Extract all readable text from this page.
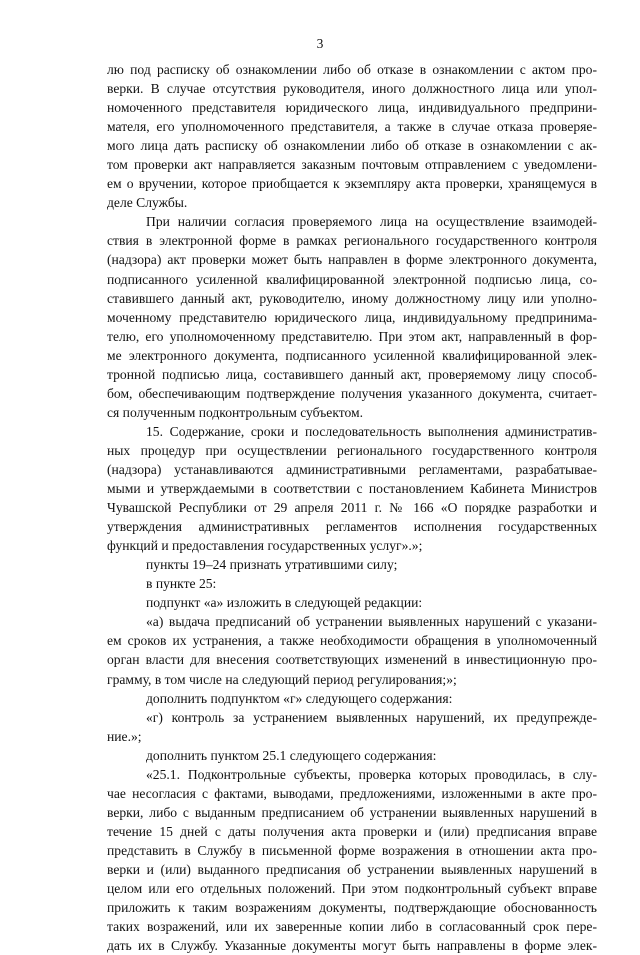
3
лю под расписку об ознакомлении либо об отказе в ознакомлении с актом про-
верки. В случае отсутствия руководителя, иного должностного лица или упол-
номоченного представителя юридического лица, индивидуального предприни-
мателя, его уполномоченного представителя, а также в случае отказа проверяе-
мого лица дать расписку об ознакомлении либо об отказе в ознакомлении с ак-
том проверки акт направляется заказным почтовым отправлением с уведомлени-
ем о вручении, которое приобщается к экземпляру акта проверки, хранящемуся в
деле Службы.
При наличии согласия проверяемого лица на осуществление взаимодей-
ствия в электронной форме в рамках регионального государственного контроля
(надзора) акт проверки может быть направлен в форме электронного документа,
подписанного усиленной квалифицированной электронной подписью лица, со-
ставившего данный акт, руководителю, иному должностному лицу или уполно-
моченному представителю юридического лица, индивидуальному предпринима-
телю, его уполномоченному представителю. При этом акт, направленный в фор-
ме электронного документа, подписанного усиленной квалифицированной элек-
тронной подписью лица, составившего данный акт, проверяемому лицу способ-
бом, обеспечивающим подтверждение получения указанного документа, считает-
ся полученным подконтрольным субъектом.
15. Содержание, сроки и последовательность выполнения административ-
ных процедур при осуществлении регионального государственного контроля
(надзора) устанавливаются административными регламентами, разрабатывае-
мыми и утверждаемыми в соответствии с постановлением Кабинета Министров
Чувашской Республики от 29 апреля 2011 г. № 166 «О порядке разработки и
утверждения административных регламентов исполнения государственных
функций и предоставления государственных услуг».»;
пункты 19–24 признать утратившими силу;
в пункте 25:
подпункт «а» изложить в следующей редакции:
«а) выдача предписаний об устранении выявленных нарушений с указани-
ем сроков их устранения, а также необходимости обращения в уполномоченный
орган власти для внесения соответствующих изменений в инвестиционную про-
грамму, в том числе на следующий период регулирования;»;
дополнить подпунктом «г» следующего содержания:
«г) контроль за устранением выявленных нарушений, их предупрежде-
ние.»;
дополнить пунктом 25.1 следующего содержания:
«25.1. Подконтрольные субъекты, проверка которых проводилась, в слу-
чае несогласия с фактами, выводами, предложениями, изложенными в акте про-
верки, либо с выданным предписанием об устранении выявленных нарушений в
течение 15 дней с даты получения акта проверки и (или) предписания вправе
представить в Службу в письменной форме возражения в отношении акта про-
верки и (или) выданного предписания об устранении выявленных нарушений в
целом или его отдельных положений. При этом подконтрольный субъект вправе
приложить к таким возражениям документы, подтверждающие обоснованность
таких возражений, или их заверенные копии либо в согласованный срок пере-
дать их в Службу. Указанные документы могут быть направлены в форме элек-
